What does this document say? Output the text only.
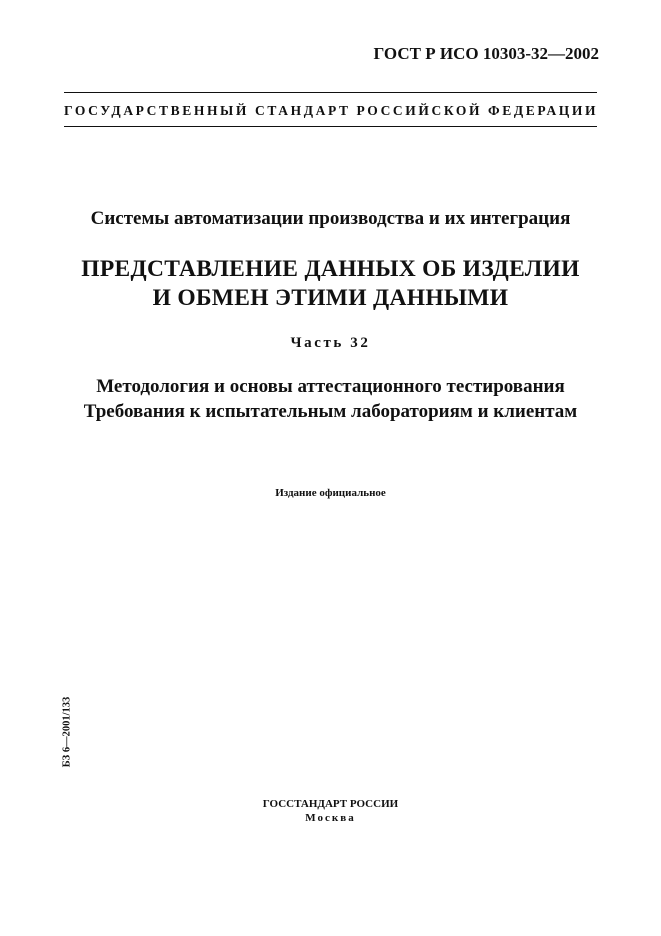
ГОСТ Р ИСО 10303-32—2002
ГОСУДАРСТВЕННЫЙ СТАНДАРТ РОССИЙСКОЙ ФЕДЕРАЦИИ
Системы автоматизации производства и их интеграция
ПРЕДСТАВЛЕНИЕ ДАННЫХ ОБ ИЗДЕЛИИ
И ОБМЕН ЭТИМИ ДАННЫМИ
Часть 32
Методология и основы аттестационного тестирования
Требования к испытательным лабораториям и клиентам
Издание официальное
БЗ 6—2001/133
ГОССТАНДАРТ РОССИИ
Москва
